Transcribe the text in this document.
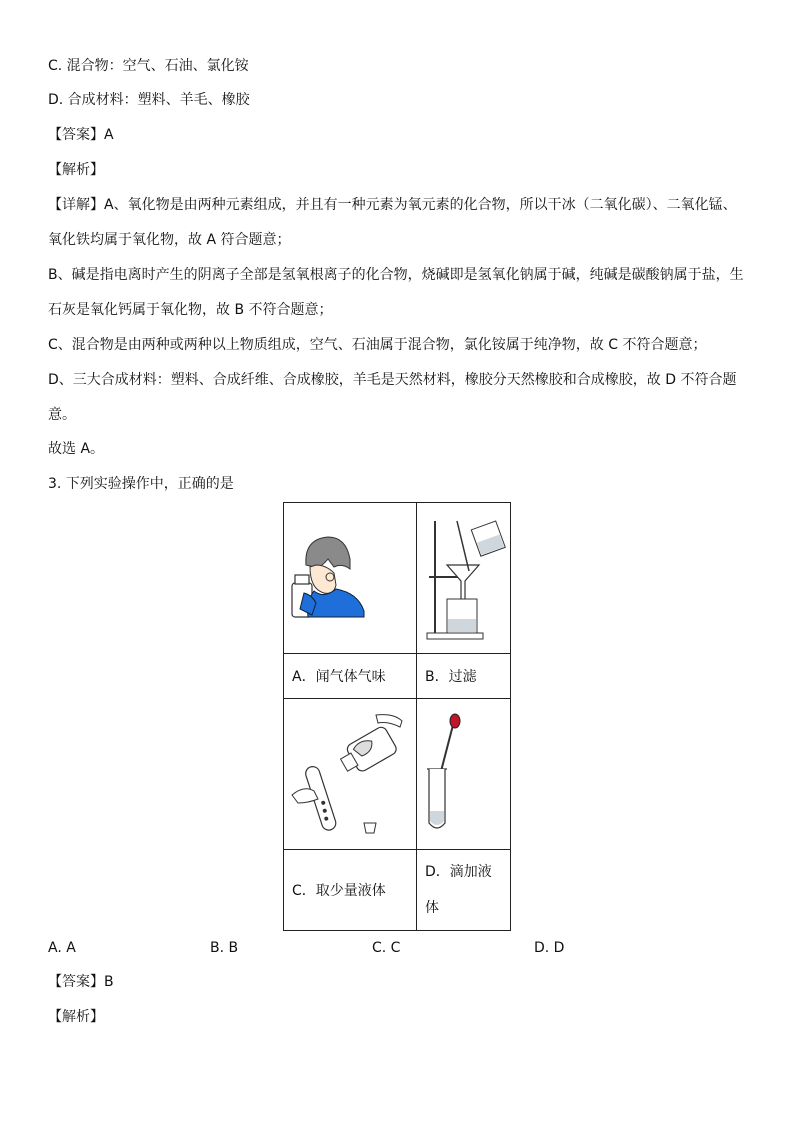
C. 混合物：空气、石油、氯化铵
D. 合成材料：塑料、羊毛、橡胶
【答案】A
【解析】
【详解】A、氧化物是由两种元素组成，并且有一种元素为氧元素的化合物，所以干冰（二氧化碳）、二氧化锰、
氧化铁均属于氧化物，故 A 符合题意；
B、碱是指电离时产生的阴离子全部是氢氧根离子的化合物，烧碱即是氢氧化钠属于碱，纯碱是碳酸钠属于盐，生
石灰是氧化钙属于氧化物，故 B 不符合题意；
C、混合物是由两种或两种以上物质组成，空气、石油属于混合物，氯化铵属于纯净物，故 C 不符合题意；
D、三大合成材料：塑料、合成纤维、合成橡胶，羊毛是天然材料，橡胶分天然橡胶和合成橡胶，故 D 不符合题
意。
故选 A。
3. 下列实验操作中，正确的是

A．闻气体气味	B．过滤

C．取少量液体	D．滴加液
体
A. A	B. B	C. C	D. D
【答案】B
【解析】
